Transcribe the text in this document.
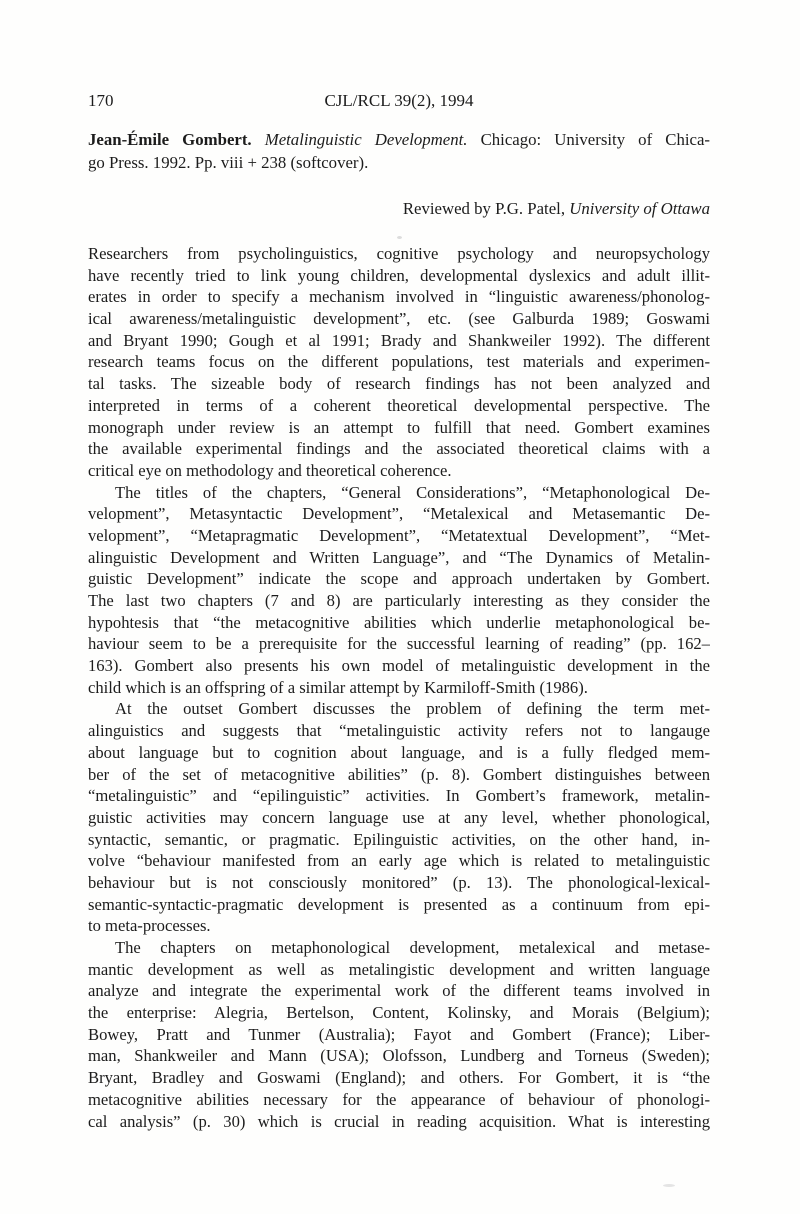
170	CJL/RCL 39(2), 1994
Jean-Émile Gombert. Metalinguistic Development. Chicago: University of Chica-
go Press. 1992. Pp. viii + 238 (softcover).
Reviewed by P.G. Patel, University of Ottawa
Researchers from psycholinguistics, cognitive psychology and neuropsychology
have recently tried to link young children, developmental dyslexics and adult illit-
erates in order to specify a mechanism involved in “linguistic awareness/phonolog-
ical awareness/metalinguistic development”, etc. (see Galburda 1989; Goswami
and Bryant 1990; Gough et al 1991; Brady and Shankweiler 1992). The different
research teams focus on the different populations, test materials and experimen-
tal tasks. The sizeable body of research findings has not been analyzed and
interpreted in terms of a coherent theoretical developmental perspective. The
monograph under review is an attempt to fulfill that need. Gombert examines
the available experimental findings and the associated theoretical claims with a
critical eye on methodology and theoretical coherence.
The titles of the chapters, “General Considerations”, “Metaphonological De-
velopment”, Metasyntactic Development”, “Metalexical and Metasemantic De-
velopment”, “Metapragmatic Development”, “Metatextual Development”, “Met-
alinguistic Development and Written Language”, and “The Dynamics of Metalin-
guistic Development” indicate the scope and approach undertaken by Gombert.
The last two chapters (7 and 8) are particularly interesting as they consider the
hypohtesis that “the metacognitive abilities which underlie metaphonological be-
haviour seem to be a prerequisite for the successful learning of reading” (pp. 162–
163). Gombert also presents his own model of metalinguistic development in the
child which is an offspring of a similar attempt by Karmiloff-Smith (1986).
At the outset Gombert discusses the problem of defining the term met-
alinguistics and suggests that “metalinguistic activity refers not to langauge
about language but to cognition about language, and is a fully fledged mem-
ber of the set of metacognitive abilities” (p. 8). Gombert distinguishes between
“metalinguistic” and “epilinguistic” activities. In Gombert’s framework, metalin-
guistic activities may concern language use at any level, whether phonological,
syntactic, semantic, or pragmatic. Epilinguistic activities, on the other hand, in-
volve “behaviour manifested from an early age which is related to metalinguistic
behaviour but is not consciously monitored” (p. 13). The phonological-lexical-
semantic-syntactic-pragmatic development is presented as a continuum from epi-
to meta-processes.
The chapters on metaphonological development, metalexical and metase-
mantic development as well as metalingistic development and written language
analyze and integrate the experimental work of the different teams involved in
the enterprise: Alegria, Bertelson, Content, Kolinsky, and Morais (Belgium);
Bowey, Pratt and Tunmer (Australia); Fayot and Gombert (France); Liber-
man, Shankweiler and Mann (USA); Olofsson, Lundberg and Torneus (Sweden);
Bryant, Bradley and Goswami (England); and others. For Gombert, it is “the
metacognitive abilities necessary for the appearance of behaviour of phonologi-
cal analysis” (p. 30) which is crucial in reading acquisition. What is interesting
